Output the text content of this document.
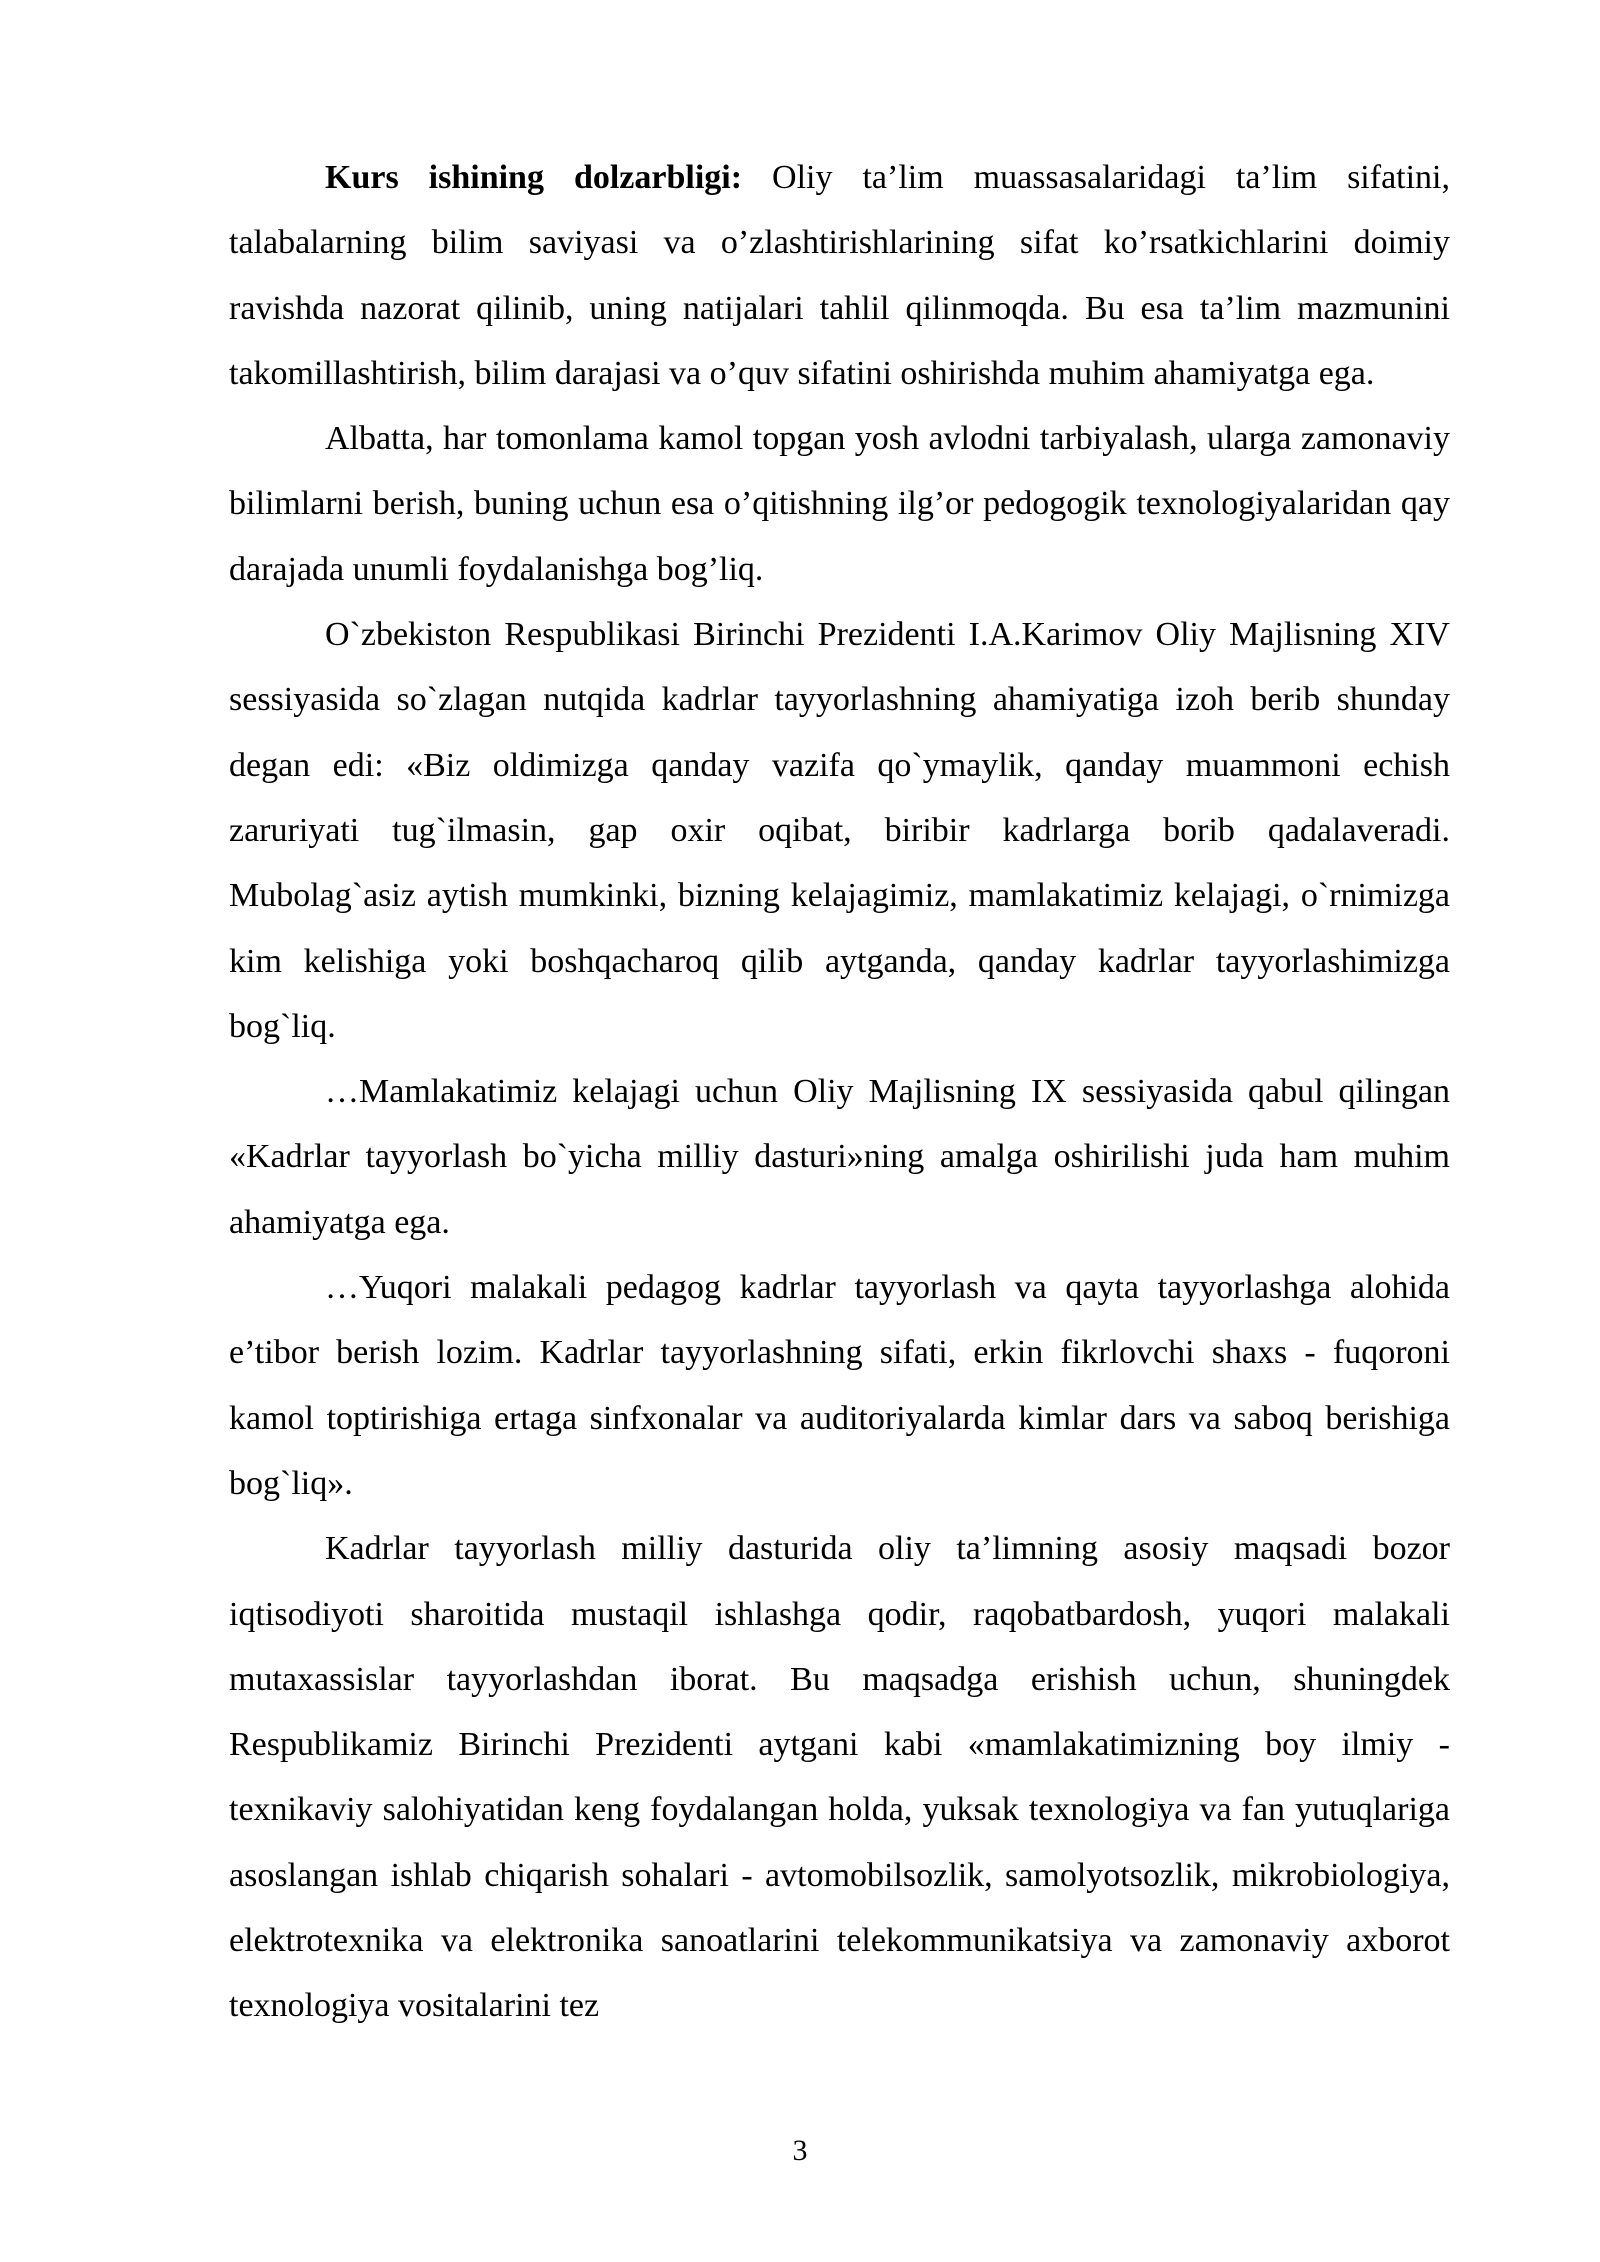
Kurs ishining dolzarbligi: Oliy ta’lim muassasalaridagi ta’lim sifatini, talabalarning bilim saviyasi va o’zlashtirishlarining sifat ko’rsatkichlarini doimiy ravishda nazorat qilinib, uning natijalari tahlil qilinmoqda. Bu esa ta’lim mazmunini takomillashtirish, bilim darajasi va o’quv sifatini oshirishda muhim ahamiyatga ega.

Albatta, har tomonlama kamol topgan yosh avlodni tarbiyalash, ularga zamonaviy bilimlarni berish, buning uchun esa o’qitishning ilg’or pedogogik texnologiyalaridan qay darajada unumli foydalanishga bog’liq.

O`zbekiston Respublikasi Birinchi Prezidenti I.A.Karimov Oliy Majlisning XIV sessiyasida so`zlagan nutqida kadrlar tayyorlashning ahamiyatiga izoh berib shunday degan edi: «Biz oldimizga qanday vazifa qo`ymaylik, qanday muammoni echish zaruriyati tug`ilmasin, gap oxir oqibat, biribir kadrlarga borib qadalaveradi. Mubolag`asiz aytish mumkinki, bizning kelajagimiz, mamlakatimiz kelajagi, o`rnimizga kim kelishiga yoki boshqacharoq qilib aytganda, qanday kadrlar tayyorlashimizga bog`liq.

…Mamlakatimiz kelajagi uchun Oliy Majlisning IX sessiyasida qabul qilingan «Kadrlar tayyorlash bo`yicha milliy dasturi»ning amalga oshirilishi juda ham muhim ahamiyatga ega.

…Yuqori malakali pedagog kadrlar tayyorlash va qayta tayyorlashga alohida e’tibor berish lozim. Kadrlar tayyorlashning sifati, erkin fikrlovchi shaxs - fuqoroni kamol toptirishiga ertaga sinfxonalar va auditoriyalarda kimlar dars va saboq berishiga bog`liq».

Kadrlar tayyorlash milliy dasturida oliy ta’limning asosiy maqsadi bozor iqtisodiyoti sharoitida mustaqil ishlashga qodir, raqobatbardosh, yuqori malakali mutaxassislar tayyorlashdan iborat. Bu maqsadga erishish uchun, shuningdek Respublikamiz Birinchi Prezidenti aytgani kabi «mamlakatimizning boy ilmiy - texnikaviy salohiyatidan keng foydalangan holda, yuksak texnologiya va fan yutuqlariga asoslangan ishlab chiqarish sohalari - avtomobilsozlik, samolyotsozlik, mikrobiologiya, elektrotexnika va elektronika sanoatlarini telekommunikatsiya va zamonaviy axborot texnologiya vositalarini tez

3
